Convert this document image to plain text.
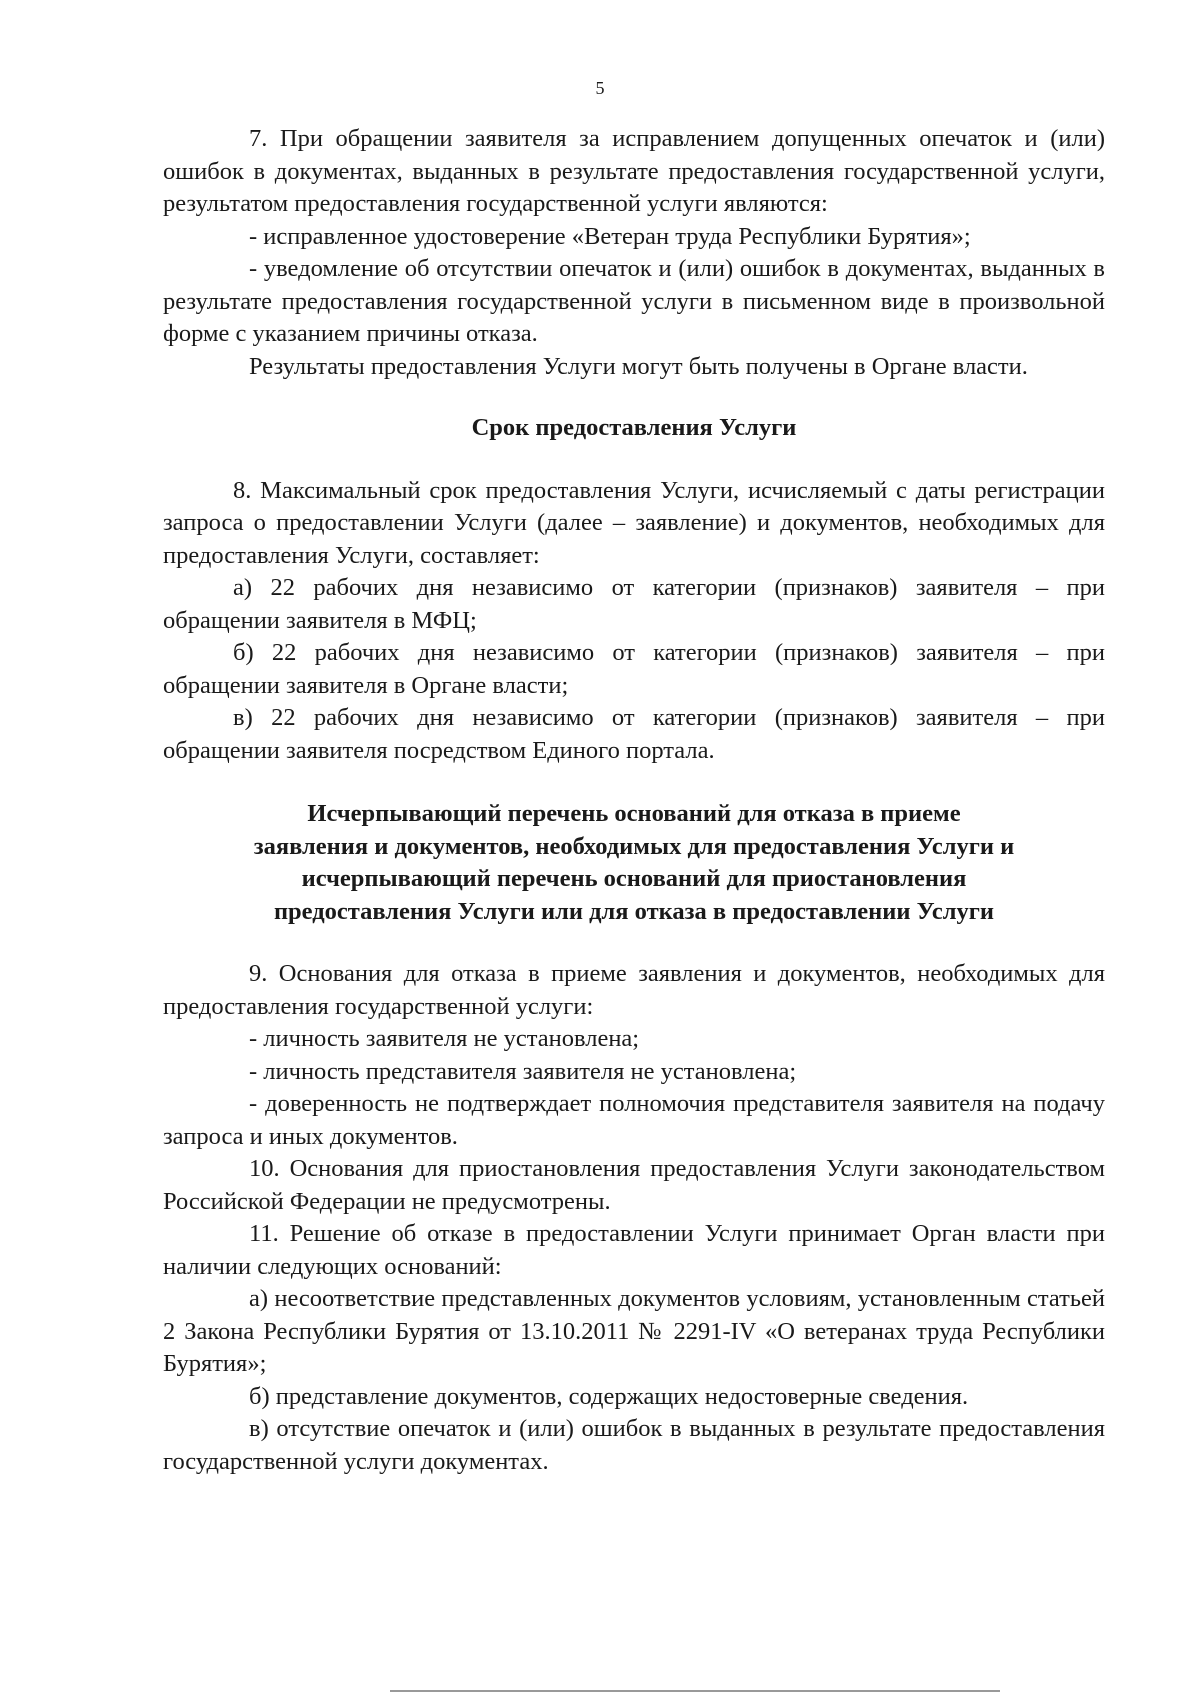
5

7. При обращении заявителя за исправлением допущенных опечаток и (или) ошибок в документах, выданных в результате предоставления государственной услуги, результатом предоставления государственной услуги являются:

- исправленное удостоверение «Ветеран труда Республики Бурятия»;

- уведомление об отсутствии опечаток и (или) ошибок в документах, выданных в результате предоставления государственной услуги в письменном виде в произвольной форме с указанием причины отказа.

Результаты предоставления Услуги могут быть получены в Органе власти.

Срок предоставления Услуги

8. Максимальный срок предоставления Услуги, исчисляемый с даты регистрации запроса о предоставлении Услуги (далее – заявление) и документов, необходимых для предоставления Услуги, составляет:

а) 22 рабочих дня независимо от категории (признаков) заявителя – при обращении заявителя в МФЦ;

б) 22 рабочих дня независимо от категории (признаков) заявителя – при обращении заявителя в Органе власти;

в) 22 рабочих дня независимо от категории (признаков) заявителя – при обращении заявителя посредством Единого портала.

Исчерпывающий перечень оснований для отказа в приеме
заявления и документов, необходимых для предоставления Услуги и
исчерпывающий перечень оснований для приостановления
предоставления Услуги или для отказа в предоставлении Услуги

9. Основания для отказа в приеме заявления и документов, необходимых для предоставления государственной услуги:

- личность заявителя не установлена;

- личность представителя заявителя не установлена;

- доверенность не подтверждает полномочия представителя заявителя на подачу запроса и иных документов.

10. Основания для приостановления предоставления Услуги законодательством Российской Федерации не предусмотрены.

11. Решение об отказе в предоставлении Услуги принимает Орган власти при наличии следующих оснований:

а) несоответствие представленных документов условиям, установленным статьей 2 Закона Республики Бурятия от 13.10.2011 № 2291-IV «О ветеранах труда Республики Бурятия»;

б) представление документов, содержащих недостоверные сведения.

в) отсутствие опечаток и (или) ошибок в выданных в результате предоставления государственной услуги документах.
